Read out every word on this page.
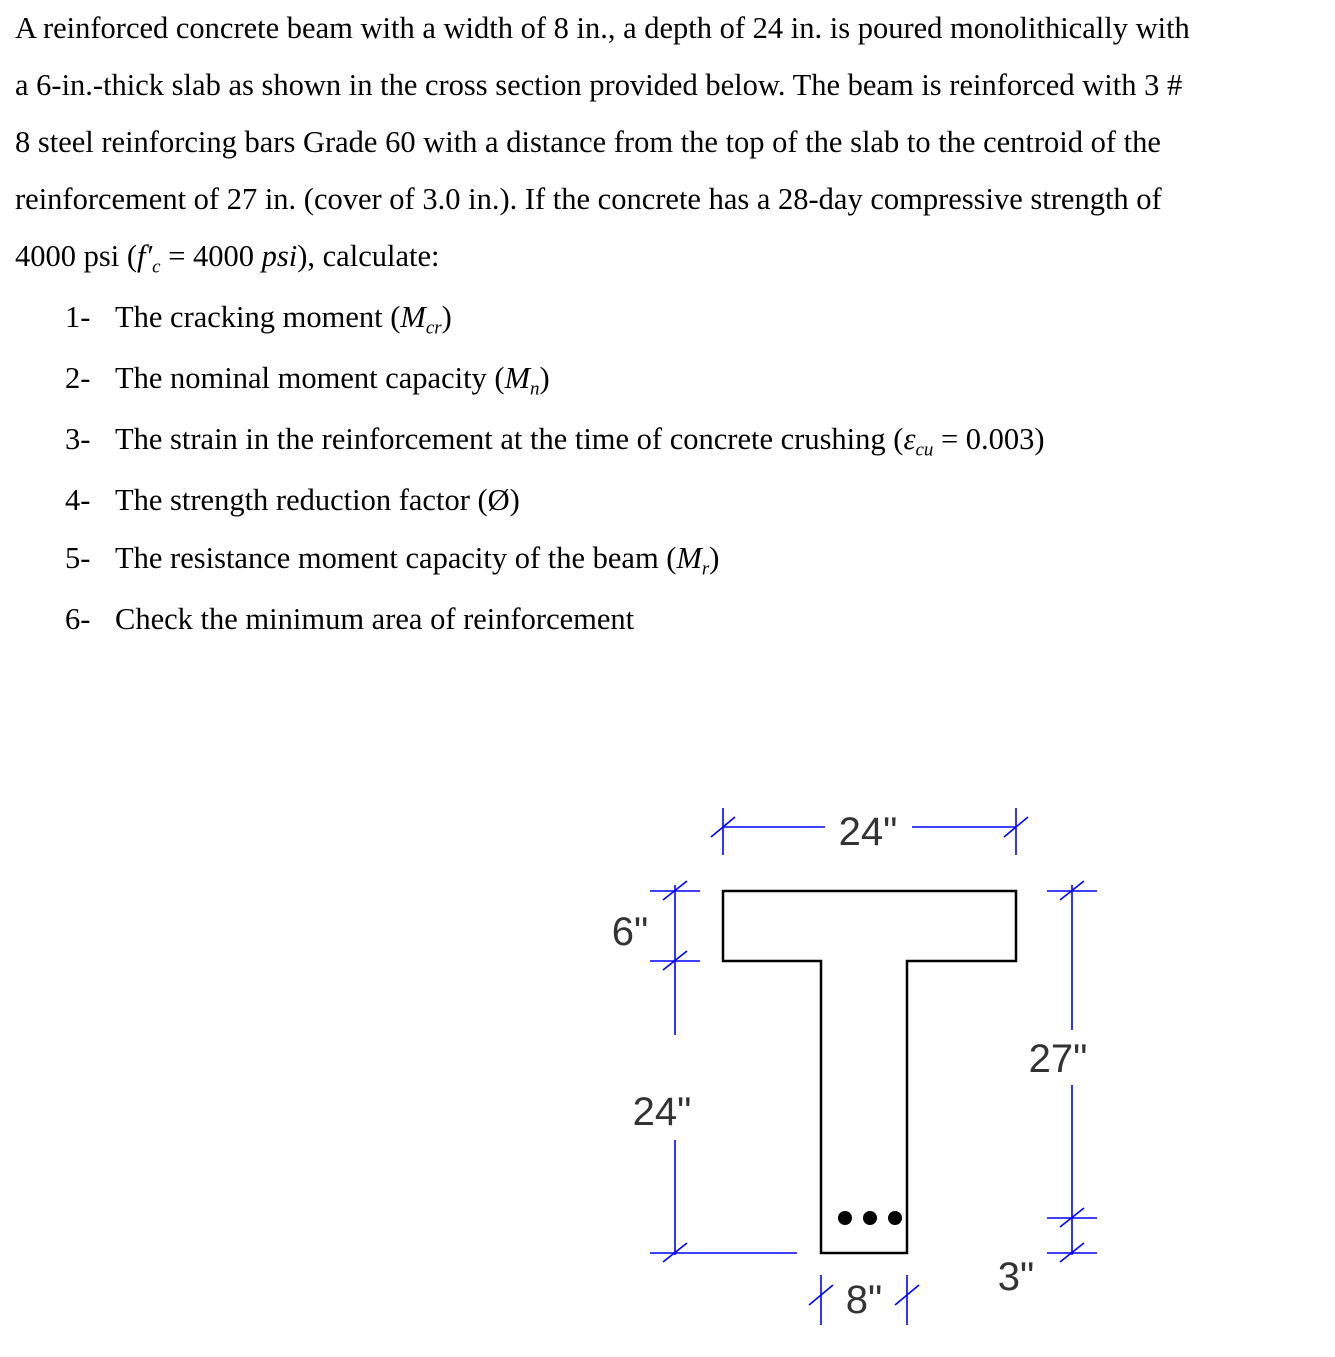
A reinforced concrete beam with a width of 8 in., a depth of 24 in. is poured monolithically with
a 6-in.-thick slab as shown in the cross section provided below. The beam is reinforced with 3 #
8 steel reinforcing bars Grade 60 with a distance from the top of the slab to the centroid of the
reinforcement of 27 in. (cover of 3.0 in.). If the concrete has a 28-day compressive strength of
4000 psi ($f'_c = 4000$ psi), calculate:
1- The cracking moment $(M_{cr})$
2- The nominal moment capacity $(M_n)$
3- The strain in the reinforcement at the time of concrete crushing $(\varepsilon_{cu} = 0.003)$
4- The strength reduction factor (Ø)
5- The resistance moment capacity of the beam $(M_r)$
6- Check the minimum area of reinforcement
24"
6"
24"
27"
3"
8"
